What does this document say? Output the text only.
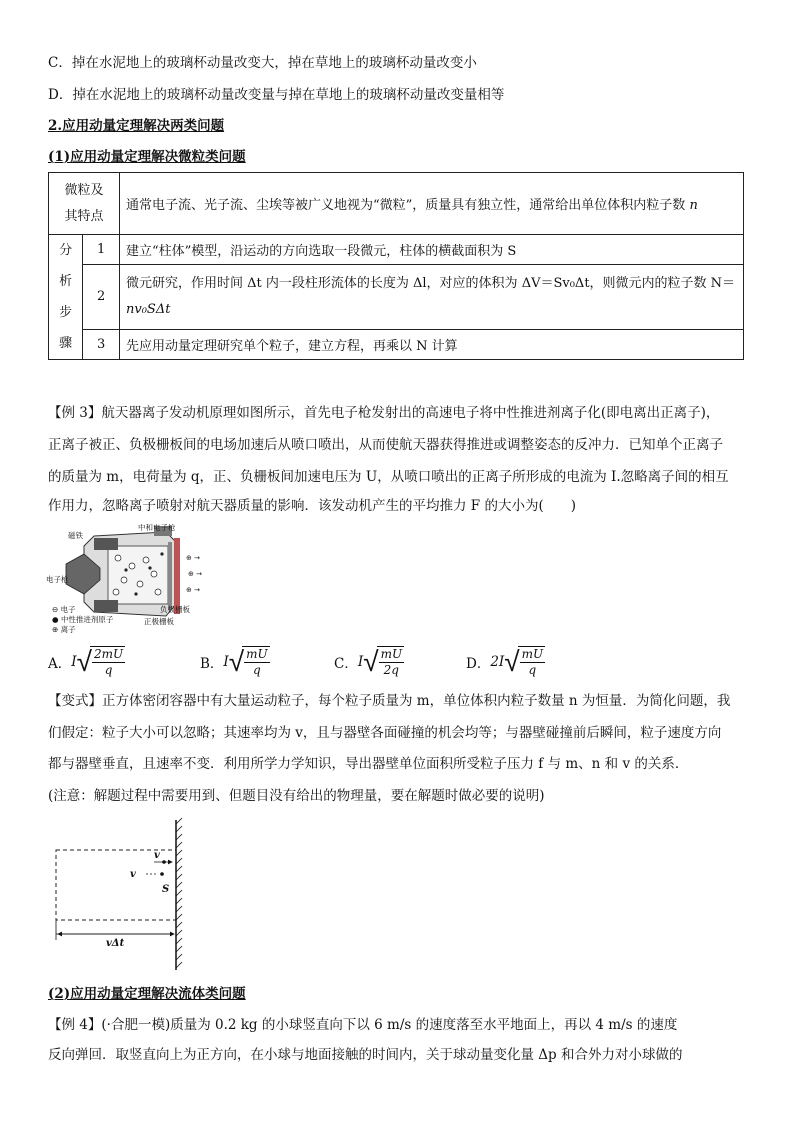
C．掉在水泥地上的玻璃杯动量改变大，掉在草地上的玻璃杯动量改变小
D．掉在水泥地上的玻璃杯动量改变量与掉在草地上的玻璃杯动量改变量相等
2.应用动量定理解决两类问题
(1)应用动量定理解决微粒类问题
微粒及
其特点		通常电子流、光子流、尘埃等被广义地视为“微粒”，质量具有独立性，通常给出单位体积内粒子数 n

分
析
步
骤	1	建立“柱体”模型，沿运动的方向选取一段微元，柱体的横截面积为 S
	2	微元研究，作用时间 Δt 内一段柱形流体的长度为 Δl，对应的体积为 ΔV＝Sv₀Δt，则微元内的粒子数 N＝
nv₀SΔt

	3	先应用动量定理研究单个粒子，建立方程，再乘以 N 计算
【例 3】航天器离子发动机原理如图所示，首先电子枪发射出的高速电子将中性推进剂离子化(即电离出正离子)，
正离子被正、负极栅板间的电场加速后从喷口喷出，从而使航天器获得推进或调整姿态的反冲力．已知单个正离子
的质量为 m，电荷量为 q，正、负栅板间加速电压为 U，从喷口喷出的正离子所形成的电流为 I.忽略离子间的相互
作用力，忽略离子喷射对航天器质量的影响．该发动机产生的平均推力 F 的大小为(　　)
⊕ →
⊕ →
⊕ →
中和电子枪
磁铁
电子枪
负极栅板
正极栅板
⊖ 电子
● 中性推进剂原子
⊕ 离子
A． I √ $\frac{2mU}{q}$	B． I √ $\frac{mU}{q}$	C． I √ $\frac{mU}{2q}$	D． 2I √ $\frac{mU}{q}$
【变式】正方体密闭容器中有大量运动粒子，每个粒子质量为 m，单位体积内粒子数量 n 为恒量．为简化问题，我
们假定：粒子大小可以忽略；其速率均为 v，且与器壁各面碰撞的机会均等；与器壁碰撞前后瞬间，粒子速度方向
都与器壁垂直，且速率不变．利用所学力学知识，导出器壁单位面积所受粒子压力 f 与 m、n 和 v 的关系．
(注意：解题过程中需要用到、但题目没有给出的物理量，要在解题时做必要的说明)
v
v
S
vΔt
(2)应用动量定理解决流体类问题
【例 4】(·合肥一模)质量为 0.2 kg 的小球竖直向下以 6 m/s 的速度落至水平地面上，再以 4 m/s 的速度
反向弹回．取竖直向上为正方向，在小球与地面接触的时间内，关于球动量变化量 Δp 和合外力对小球做的
